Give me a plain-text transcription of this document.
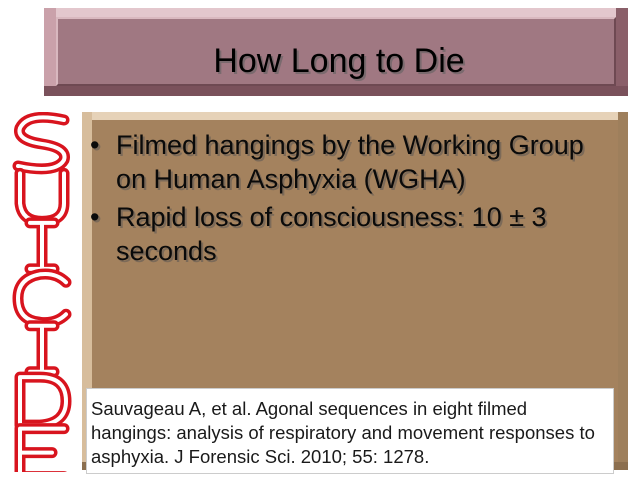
How Long to Die
• Filmed hangings by the Working Group on Human Asphyxia (WGHA)
• Rapid loss of consciousness: 10 ± 3 seconds
Sauvageau A, et al. Agonal sequences in eight filmed hangings: analysis of respiratory and movement responses to asphyxia. J Forensic Sci. 2010; 55: 1278.
